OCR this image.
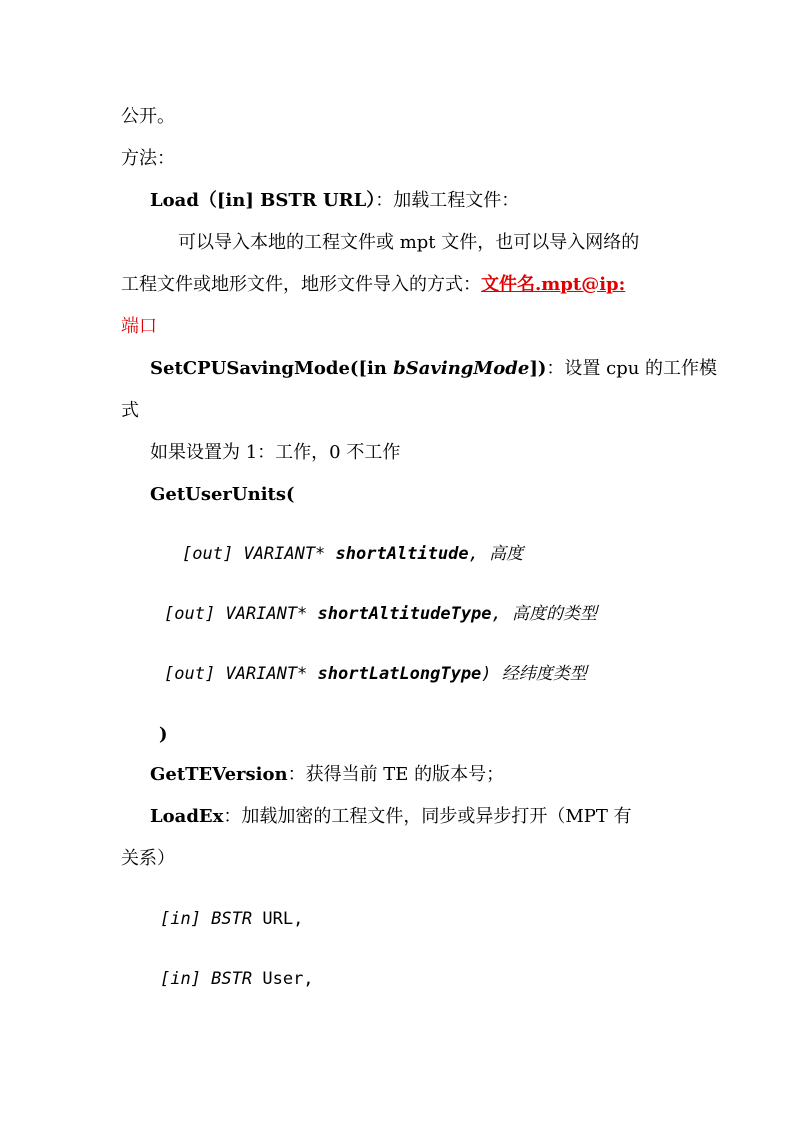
公开。
方法：
Load（[in] BSTR URL）：加载工程文件：
可以导入本地的工程文件或 mpt 文件，也可以导入网络的
工程文件或地形文件，地形文件导入的方式：文件名.mpt@ip:
端口
SetCPUSavingMode([in bSavingMode])：设置 cpu 的工作模
式
如果设置为 1：工作，0 不工作
GetUserUnits(
[out] VARIANT* shortAltitude, 高度
[out] VARIANT* shortAltitudeType, 高度的类型
[out] VARIANT* shortLatLongType) 经纬度类型
)
GetTEVersion：获得当前 TE 的版本号；
LoadEx：加载加密的工程文件，同步或异步打开（MPT 有
关系）
[in] BSTR URL,
[in] BSTR User,
